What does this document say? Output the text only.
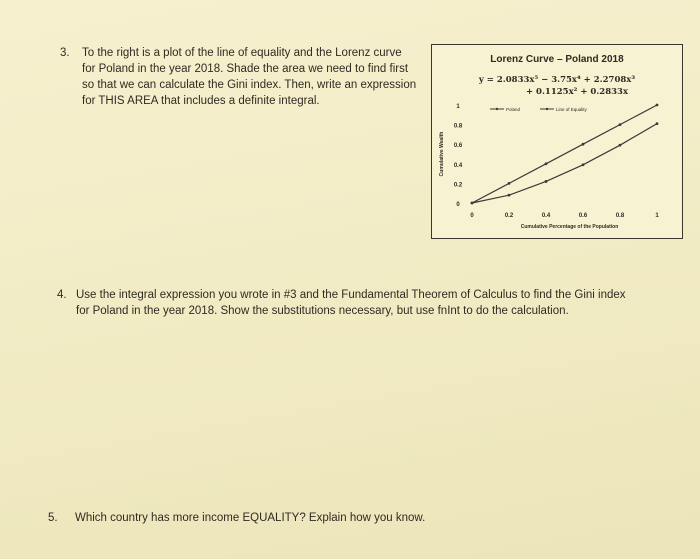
3. To the right is a plot of the line of equality and the Lorenz curve
for Poland in the year 2018. Shade the area we need to find first
so that we can calculate the Gini index. Then, write an expression
for THIS AREA that includes a definite integral.
Lorenz Curve – Poland 2018
y = 2.0833x⁵ − 3.75x⁴ + 2.2708x³
+ 0.1125x² + 0.2833x
0
0.2
0.4
0.6
0.8
1
0	0.2	0.4	0.6	0.8	1
Cumulative Percentage of the Population
Cumulative Wealth
Poland	Line of Equality
4. Use the integral expression you wrote in #3 and the Fundamental Theorem of Calculus to find the Gini index
for Poland in the year 2018. Show the substitutions necessary, but use fnInt to do the calculation.
5. Which country has more income EQUALITY? Explain how you know.
